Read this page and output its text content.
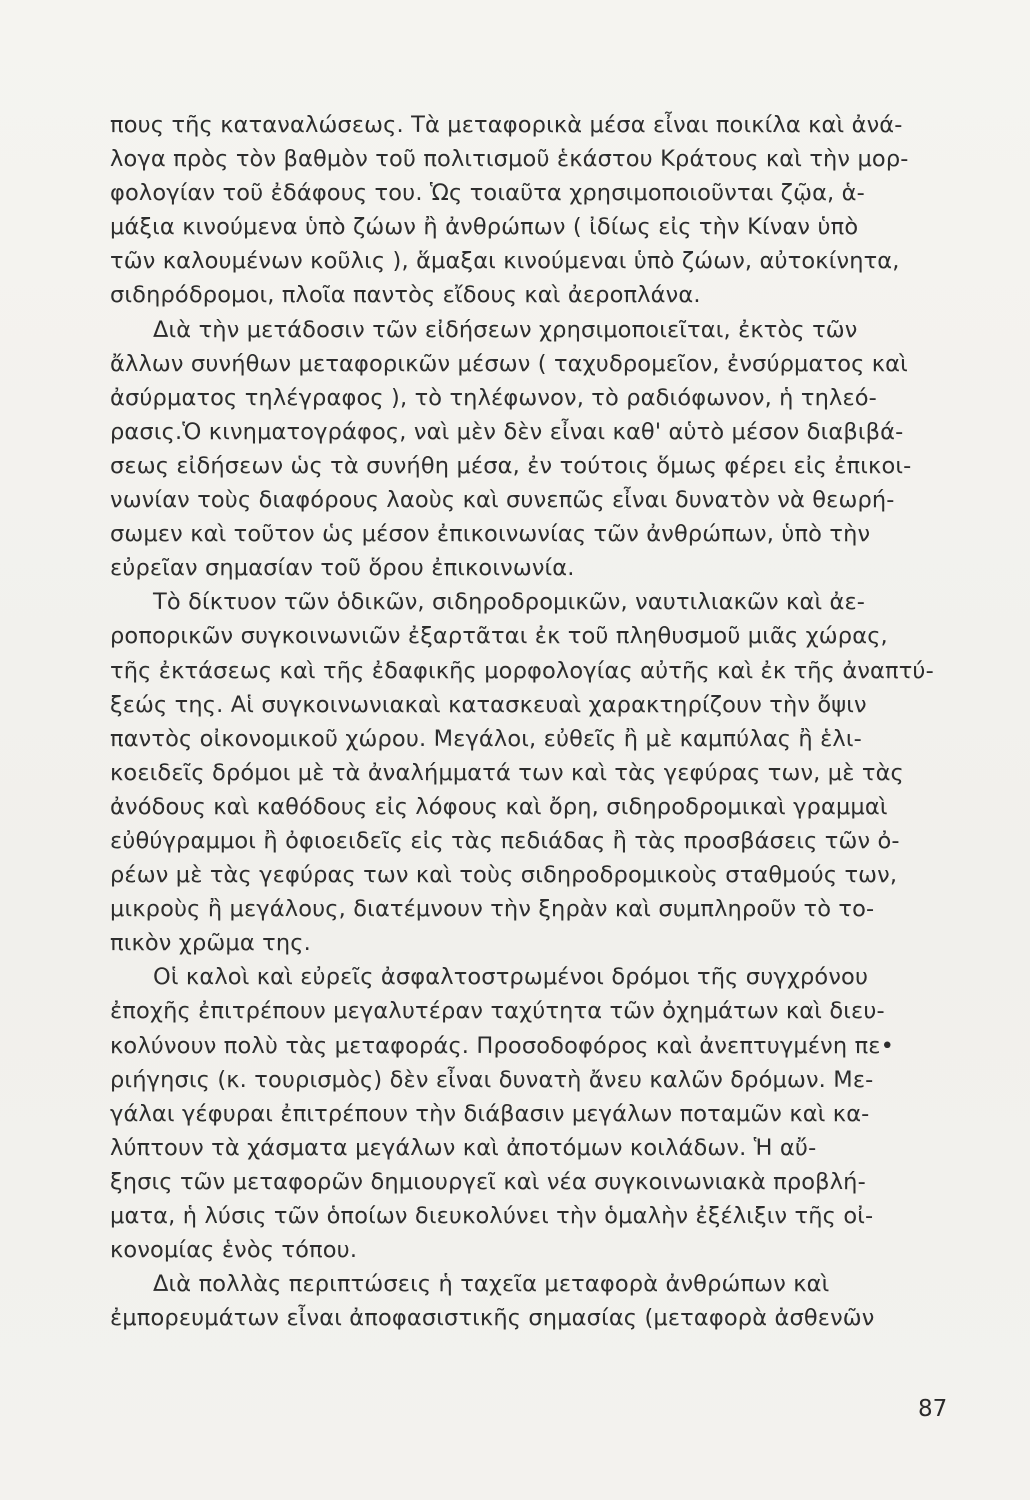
πους τῆς καταναλώσεως. Τὰ μεταφορικὰ μέσα εἶναι ποικίλα καὶ ἀνά-
λογα πρὸς τὸν βαθμὸν τοῦ πολιτισμοῦ ἑκάστου Κράτους καὶ τὴν μορ-
φολογίαν τοῦ ἐδάφους του. Ὡς τοιαῦτα χρησιμοποιοῦνται ζῷα, ἁ-
μάξια κινούμενα ὑπὸ ζώων ἢ ἀνθρώπων ( ἰδίως εἰς τὴν Κίναν ὑπὸ
τῶν καλουμένων κοῦλις ), ἅμαξαι κινούμεναι ὑπὸ ζώων, αὐτοκίνητα,
σιδηρόδρομοι, πλοῖα παντὸς εἴδους καὶ ἀεροπλάνα.
Διὰ τὴν μετάδοσιν τῶν εἰδήσεων χρησιμοποιεῖται, ἐκτὸς τῶν
ἄλλων συνήθων μεταφορικῶν μέσων ( ταχυδρομεῖον, ἐνσύρματος καὶ
ἀσύρματος τηλέγραφος ), τὸ τηλέφωνον, τὸ ραδιόφωνον, ἡ τηλεό-
ρασις.Ὁ κινηματογράφος, ναὶ μὲν δὲν εἶναι καθ' αὑτὸ μέσον διαβιβά-
σεως εἰδήσεων ὡς τὰ συνήθη μέσα, ἐν τούτοις ὅμως φέρει εἰς ἐπικοι-
νωνίαν τοὺς διαφόρους λαοὺς καὶ συνεπῶς εἶναι δυνατὸν νὰ θεωρή-
σωμεν καὶ τοῦτον ὡς μέσον ἐπικοινωνίας τῶν ἀνθρώπων, ὑπὸ τὴν
εὐρεῖαν σημασίαν τοῦ ὅρου ἐπικοινωνία.
Τὸ δίκτυον τῶν ὁδικῶν, σιδηροδρομικῶν, ναυτιλιακῶν καὶ ἀε-
ροπορικῶν συγκοινωνιῶν ἐξαρτᾶται ἐκ τοῦ πληθυσμοῦ μιᾶς χώρας,
τῆς ἐκτάσεως καὶ τῆς ἐδαφικῆς μορφολογίας αὐτῆς καὶ ἐκ τῆς ἀναπτύ-
ξεώς της. Αἱ συγκοινωνιακαὶ κατασκευαὶ χαρακτηρίζουν τὴν ὄψιν
παντὸς οἰκονομικοῦ χώρου. Μεγάλοι, εὐθεῖς ἢ μὲ καμπύλας ἢ ἑλι-
κοειδεῖς δρόμοι μὲ τὰ ἀναλήμματά των καὶ τὰς γεφύρας των, μὲ τὰς
ἀνόδους καὶ καθόδους εἰς λόφους καὶ ὄρη, σιδηροδρομικαὶ γραμμαὶ
εὐθύγραμμοι ἢ ὀφιοειδεῖς εἰς τὰς πεδιάδας ἢ τὰς προσβάσεις τῶν ὀ-
ρέων μὲ τὰς γεφύρας των καὶ τοὺς σιδηροδρομικοὺς σταθμούς των,
μικροὺς ἢ μεγάλους, διατέμνουν τὴν ξηρὰν καὶ συμπληροῦν τὸ το-
πικὸν χρῶμα της.
Οἱ καλοὶ καὶ εὐρεῖς ἀσφαλτοστρωμένοι δρόμοι τῆς συγχρόνου
ἐποχῆς ἐπιτρέπουν μεγαλυτέραν ταχύτητα τῶν ὀχημάτων καὶ διευ-
κολύνουν πολὺ τὰς μεταφοράς. Προσοδοφόρος καὶ ἀνεπτυγμένη πε•
ριήγησις (κ. τουρισμὸς) δὲν εἶναι δυνατὴ ἄνευ καλῶν δρόμων. Με-
γάλαι γέφυραι ἐπιτρέπουν τὴν διάβασιν μεγάλων ποταμῶν καὶ κα-
λύπτουν τὰ χάσματα μεγάλων καὶ ἀποτόμων κοιλάδων. Ἡ αὔ-
ξησις τῶν μεταφορῶν δημιουργεῖ καὶ νέα συγκοινωνιακὰ προβλή-
ματα, ἡ λύσις τῶν ὁποίων διευκολύνει τὴν ὁμαλὴν ἐξέλιξιν τῆς οἰ-
κονομίας ἑνὸς τόπου.
Διὰ πολλὰς περιπτώσεις ἡ ταχεῖα μεταφορὰ ἀνθρώπων καὶ
ἐμπορευμάτων εἶναι ἀποφασιστικῆς σημασίας (μεταφορὰ ἀσθενῶν
87
